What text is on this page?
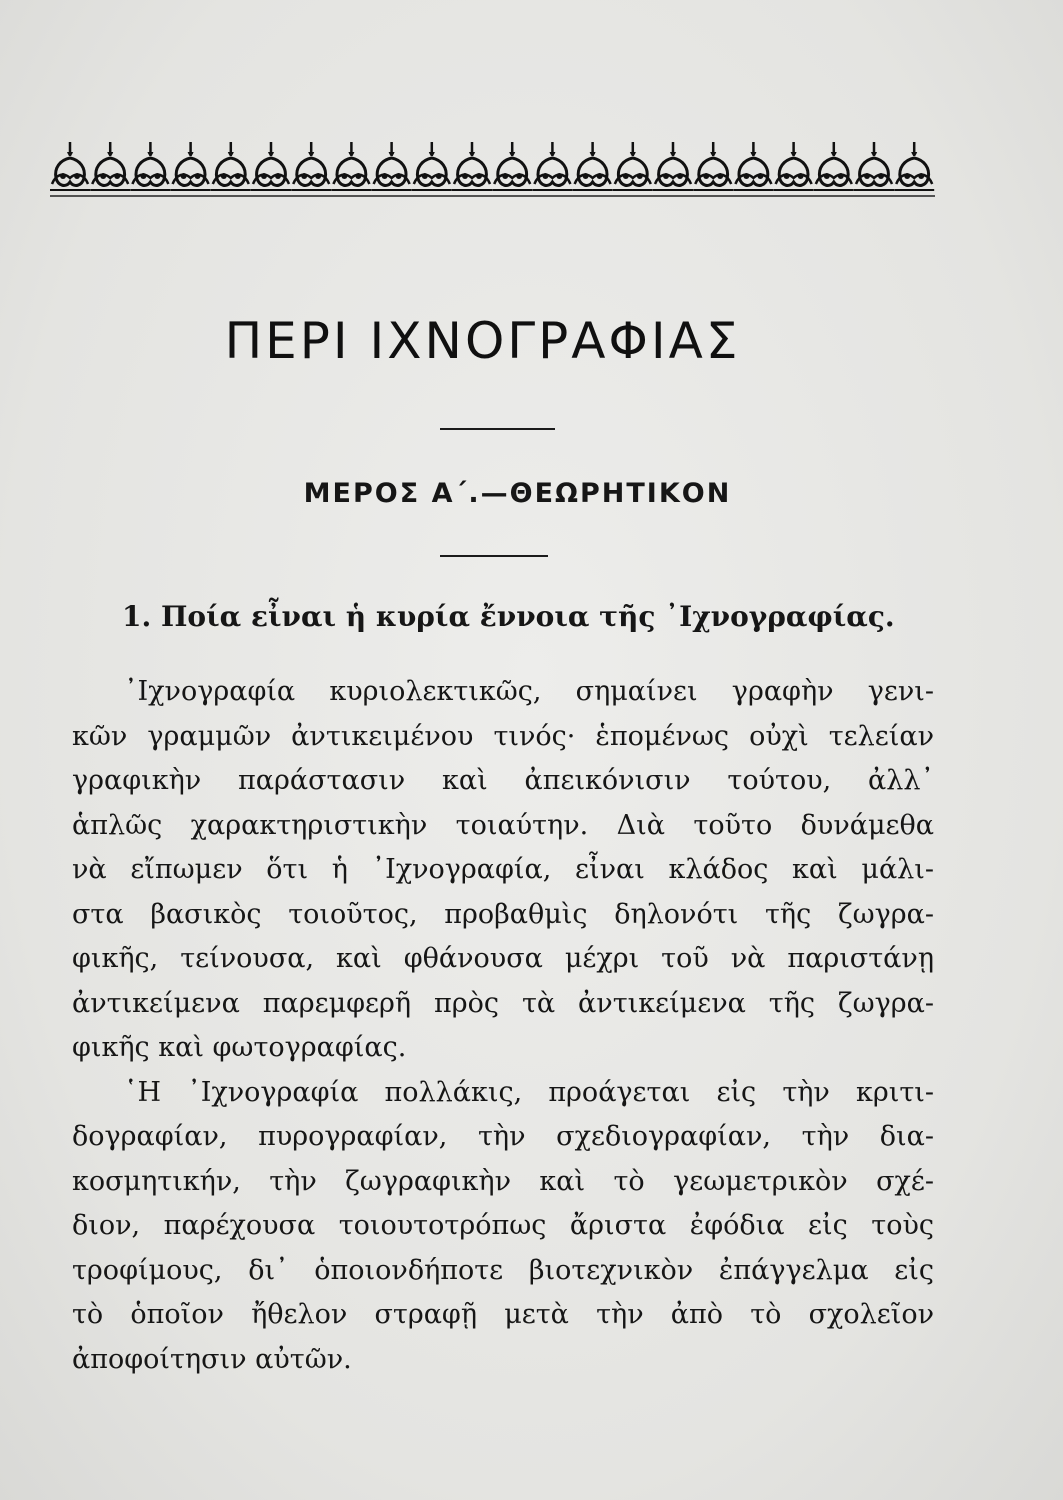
ΠΕΡΙ ΙΧΝΟΓΡΑΦΙΑΣ
ΜΕΡΟΣ Α΄.—ΘΕΩΡΗΤΙΚΟΝ
1. Ποία εἶναι ἡ κυρία ἔννοια τῆς ᾿Ιχνογραφίας.
᾿Ιχνογραφία κυριολεκτικῶς, σημαίνει γραφὴν γενι-
κῶν γραμμῶν ἀντικειμένου τινός· ἑπομένως οὐχὶ τελείαν
γραφικὴν παράστασιν καὶ ἀπεικόνισιν τούτου, ἀλλ᾿
ἁπλῶς χαρακτηριστικὴν τοιαύτην. Διὰ τοῦτο δυνάμεθα
νὰ εἴπωμεν ὅτι ἡ ᾿Ιχνογραφία, εἶναι κλάδος καὶ μάλι-
στα βασικὸς τοιοῦτος, προβαθμὶς δηλονότι τῆς ζωγρα-
φικῆς, τείνουσα, καὶ φθάνουσα μέχρι τοῦ νὰ παριστάνῃ
ἀντικείμενα παρεμφερῆ πρὸς τὰ ἀντικείμενα τῆς ζωγρα-
φικῆς καὶ φωτογραφίας.
῾Η ᾿Ιχνογραφία πολλάκις, προάγεται εἰς τὴν κριτι-
δογραφίαν, πυρογραφίαν, τὴν σχεδιογραφίαν, τὴν δια-
κοσμητικήν, τὴν ζωγραφικὴν καὶ τὸ γεωμετρικὸν σχέ-
διον, παρέχουσα τοιουτοτρόπως ἄριστα ἐφόδια εἰς τοὺς
τροφίμους, δι᾿ ὁποιονδήποτε βιοτεχνικὸν ἐπάγγελμα εἰς
τὸ ὁποῖον ἤθελον στραφῇ μετὰ τὴν ἀπὸ τὸ σχολεῖον
ἀποφοίτησιν αὐτῶν.
